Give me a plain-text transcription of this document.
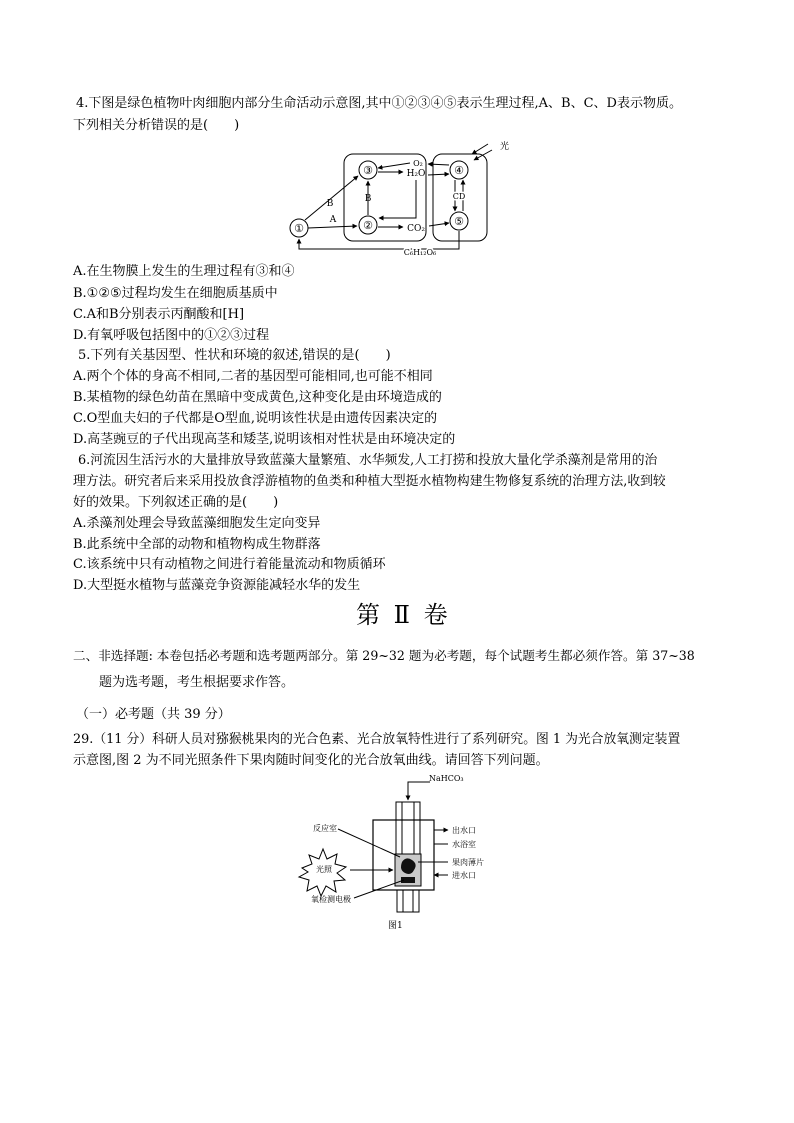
4.下图是绿色植物叶肉细胞内部分生命活动示意图,其中①②③④⑤表示生理过程,A、B、C、D表示物质。
下列相关分析错误的是(　　)
①	②
③	④
⑤
A
B	B
H₂O
O₂
CO₂
CD
光
C₆H₁₂O₆
A.在生物膜上发生的生理过程有③和④
B.①②⑤过程均发生在细胞质基质中
C.A和B分别表示丙酮酸和[H]
D.有氧呼吸包括图中的①②③过程
5.下列有关基因型、性状和环境的叙述,错误的是(　　)
A.两个个体的身高不相同,二者的基因型可能相同,也可能不相同
B.某植物的绿色幼苗在黑暗中变成黄色,这种变化是由环境造成的
C.O型血夫妇的子代都是O型血,说明该性状是由遗传因素决定的
D.高茎豌豆的子代出现高茎和矮茎,说明该相对性状是由环境决定的
6.河流因生活污水的大量排放导致蓝藻大量繁殖、水华频发,人工打捞和投放大量化学杀藻剂是常用的治
理方法。研究者后来采用投放食浮游植物的鱼类和种植大型挺水植物构建生物修复系统的治理方法,收到较
好的效果。下列叙述正确的是(　　)
A.杀藻剂处理会导致蓝藻细胞发生定向变异
B.此系统中全部的动物和植物构成生物群落
C.该系统中只有动植物之间进行着能量流动和物质循环
D.大型挺水植物与蓝藻竞争资源能减轻水华的发生
第 Ⅱ 卷
二、非选择题: 本卷包括必考题和选考题两部分。第 29~32 题为必考题，每个试题考生都必须作答。第 37~38
题为选考题，考生根据要求作答。
（一）必考题（共 39 分）
29.（11 分）科研人员对猕猴桃果肉的光合色素、光合放氧特性进行了系列研究。图 1 为光合放氧测定装置
示意图,图 2 为不同光照条件下果肉随时间变化的光合放氧曲线。请回答下列问题。
NaHCO₃
反应室
光照
氧检测电极
出水口
水浴室
果肉薄片
进水口
图1
